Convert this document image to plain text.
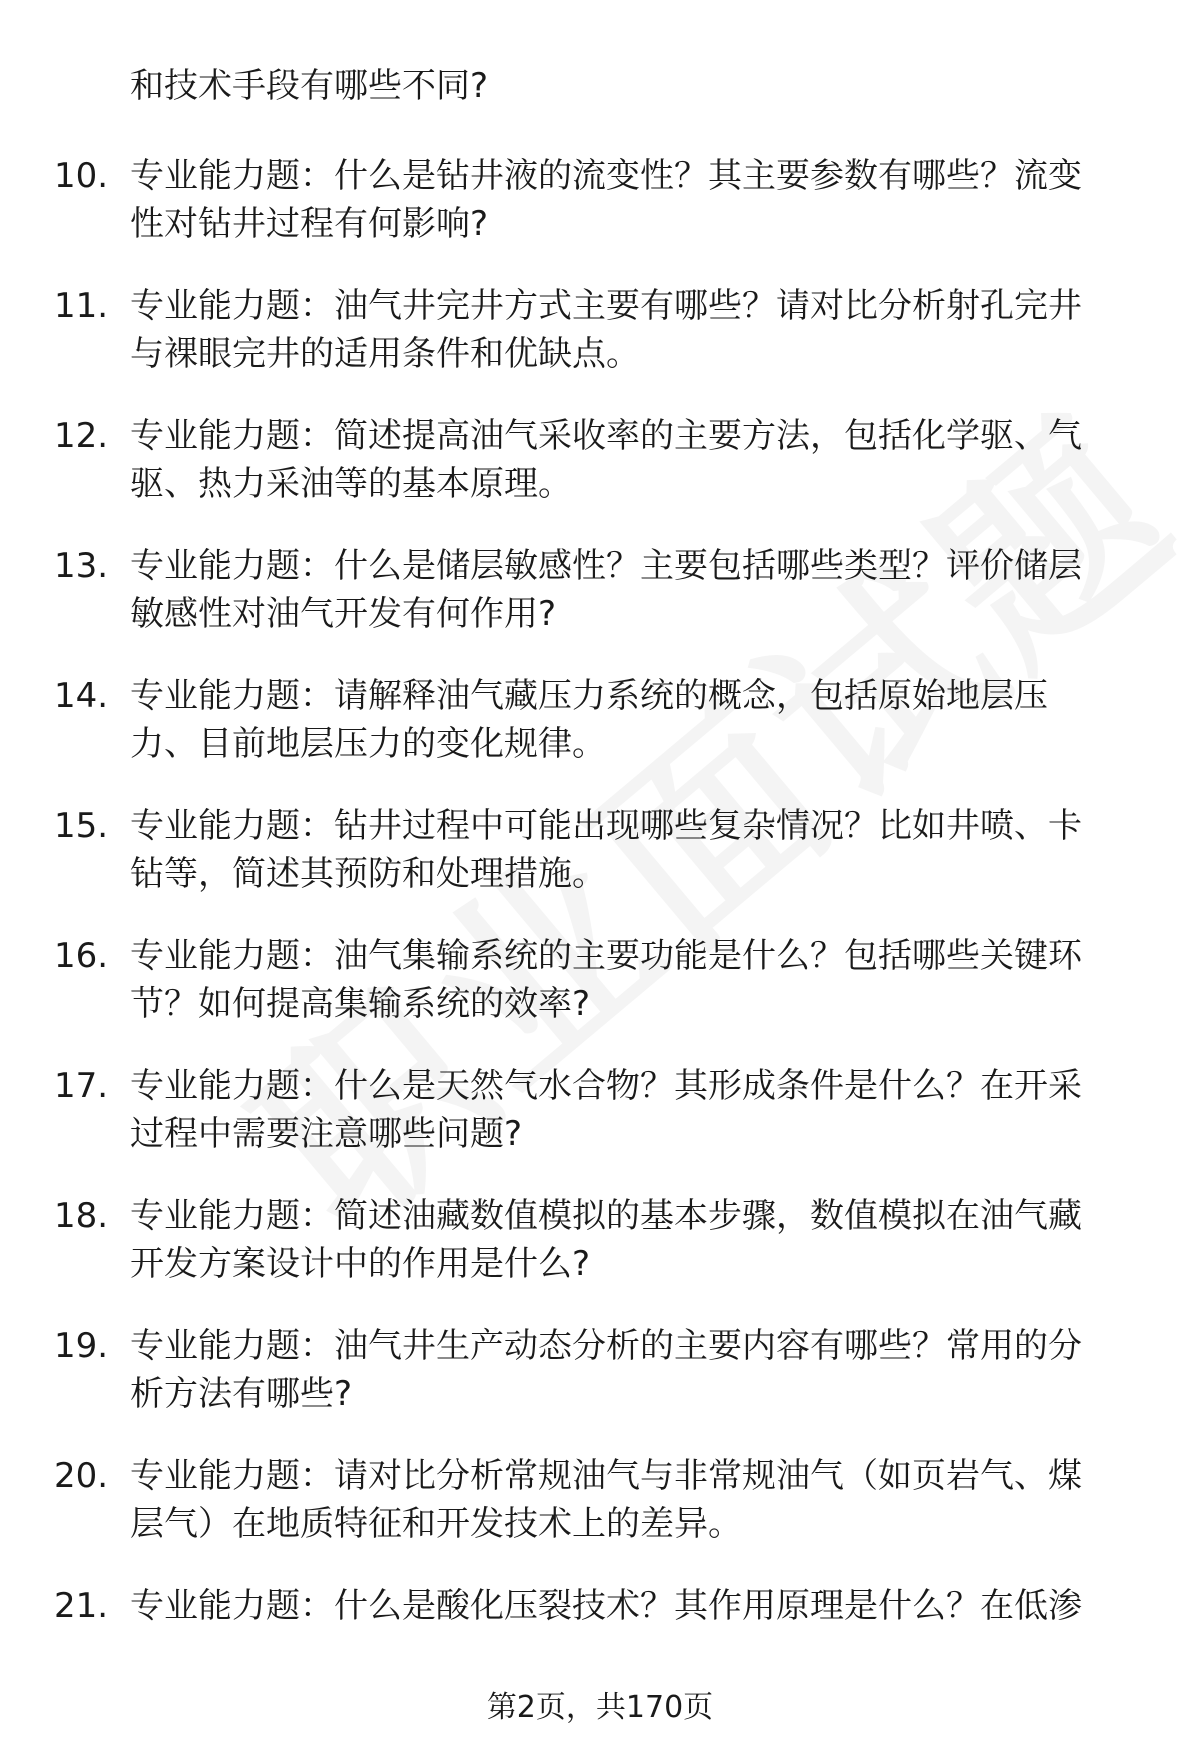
和技术手段有哪些不同?
10. 专业能力题：什么是钻井液的流变性？其主要参数有哪些？流变
性对钻井过程有何影响?
11. 专业能力题：油气井完井方式主要有哪些？请对比分析射孔完井
与裸眼完井的适用条件和优缺点。
12. 专业能力题：简述提高油气采收率的主要方法，包括化学驱、气
驱、热力采油等的基本原理。
13. 专业能力题：什么是储层敏感性？主要包括哪些类型？评价储层
敏感性对油气开发有何作用?
14. 专业能力题：请解释油气藏压力系统的概念，包括原始地层压
力、目前地层压力的变化规律。
15. 专业能力题：钻井过程中可能出现哪些复杂情况？比如井喷、卡
钻等，简述其预防和处理措施。
16. 专业能力题：油气集输系统的主要功能是什么？包括哪些关键环
节？如何提高集输系统的效率?
17. 专业能力题：什么是天然气水合物？其形成条件是什么？在开采
过程中需要注意哪些问题?
18. 专业能力题：简述油藏数值模拟的基本步骤，数值模拟在油气藏
开发方案设计中的作用是什么?
19. 专业能力题：油气井生产动态分析的主要内容有哪些？常用的分
析方法有哪些?
20. 专业能力题：请对比分析常规油气与非常规油气（如页岩气、煤
层气）在地质特征和开发技术上的差异。
21. 专业能力题：什么是酸化压裂技术？其作用原理是什么？在低渗
第2页，共170页
